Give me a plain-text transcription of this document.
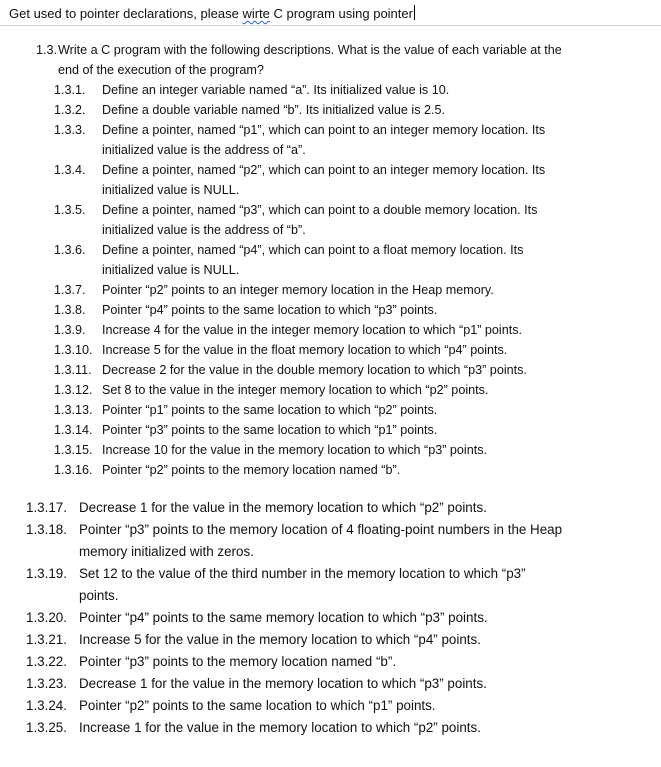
Get used to pointer declarations, please wirte C program using pointer
1.3. Write a C program with the following descriptions. What is the value of each variable at the
end of the execution of the program?
1.3.1. Define an integer variable named “a”. Its initialized value is 10.
1.3.2. Define a double variable named “b”. Its initialized value is 2.5.
1.3.3. Define a pointer, named “p1”, which can point to an integer memory location. Its
initialized value is the address of “a”.
1.3.4. Define a pointer, named “p2”, which can point to an integer memory location. Its
initialized value is NULL.
1.3.5. Define a pointer, named “p3”, which can point to a double memory location. Its
initialized value is the address of “b”.
1.3.6. Define a pointer, named “p4”, which can point to a float memory location. Its
initialized value is NULL.
1.3.7. Pointer “p2” points to an integer memory location in the Heap memory.
1.3.8. Pointer “p4” points to the same location to which “p3” points.
1.3.9. Increase 4 for the value in the integer memory location to which “p1” points.
1.3.10. Increase 5 for the value in the float memory location to which “p4” points.
1.3.11. Decrease 2 for the value in the double memory location to which “p3” points.
1.3.12. Set 8 to the value in the integer memory location to which “p2” points.
1.3.13. Pointer “p1” points to the same location to which “p2” points.
1.3.14. Pointer “p3” points to the same location to which “p1” points.
1.3.15. Increase 10 for the value in the memory location to which “p3” points.
1.3.16. Pointer “p2” points to the memory location named “b”.
1.3.17. Decrease 1 for the value in the memory location to which “p2” points.
1.3.18. Pointer “p3” points to the memory location of 4 floating-point numbers in the Heap
memory initialized with zeros.
1.3.19. Set 12 to the value of the third number in the memory location to which “p3”
points.
1.3.20. Pointer “p4” points to the same memory location to which “p3” points.
1.3.21. Increase 5 for the value in the memory location to which “p4” points.
1.3.22. Pointer “p3” points to the memory location named “b”.
1.3.23. Decrease 1 for the value in the memory location to which “p3” points.
1.3.24. Pointer “p2” points to the same location to which “p1” points.
1.3.25. Increase 1 for the value in the memory location to which “p2” points.
